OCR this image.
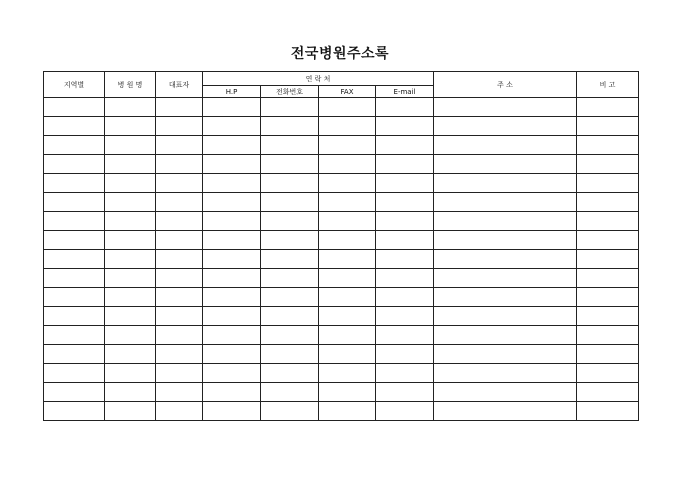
전국병원주소록
지역별	병 원 명	대표자	연 락 처				주 소	비 고
			H.P	전화번호	FAX	E-mail		
